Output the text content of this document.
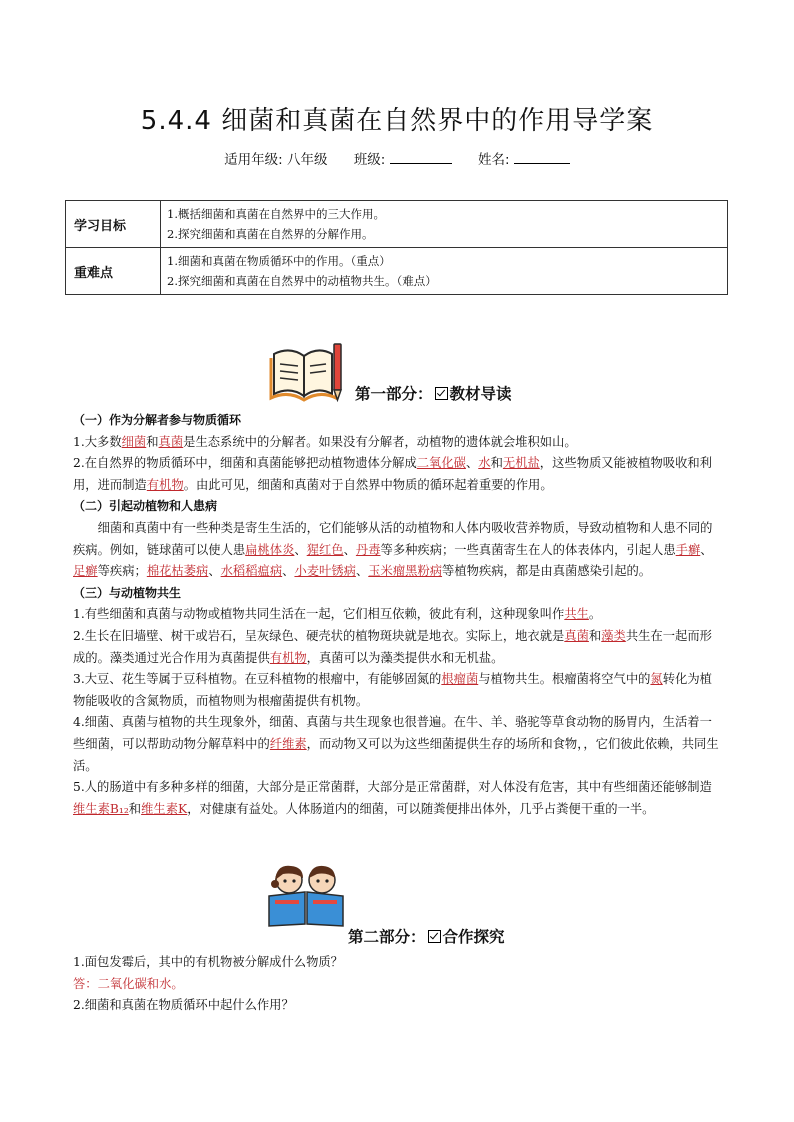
5.4.4 细菌和真菌在自然界中的作用导学案
适用年级: 八年级 班级:	姓名:
学习目标	1.概括细菌和真菌在自然界中的三大作用。
2.探究细菌和真菌在自然界的分解作用。

重难点	1.细菌和真菌在物质循环中的作用。（重点）
2.探究细菌和真菌在自然界中的动植物共生。（难点）
第一部分： 教材导读

（一）作为分解者参与物质循环

1.大多数细菌和真菌是生态系统中的分解者。如果没有分解者，动植物的遗体就会堆积如山。

2.在自然界的物质循环中，细菌和真菌能够把动植物遗体分解成二氧化碳、水和无机盐，这些物质又能被植物吸收和利用，进而制造有机物。由此可见，细菌和真菌对于自然界中物质的循环起着重要的作用。

（二）引起动植物和人患病

细菌和真菌中有一些种类是寄生生活的，它们能够从活的动植物和人体内吸收营养物质，导致动植物和人患不同的疾病。例如，链球菌可以使人患扁桃体炎、猩红色、丹毒等多种疾病；一些真菌寄生在人的体表体内，引起人患手癣、足癣等疾病；棉花枯萎病、水稻稻瘟病、小麦叶锈病、玉米瘤黑粉病等植物疾病，都是由真菌感染引起的。

（三）与动植物共生

1.有些细菌和真菌与动物或植物共同生活在一起，它们相互依赖，彼此有利，这种现象叫作共生。

2.生长在旧墙壁、树干或岩石，呈灰绿色、硬壳状的植物斑块就是地衣。实际上，地衣就是真菌和藻类共生在一起而形成的。藻类通过光合作用为真菌提供有机物，真菌可以为藻类提供水和无机盐。

3.大豆、花生等属于豆科植物。在豆科植物的根瘤中，有能够固氮的根瘤菌与植物共生。根瘤菌将空气中的氮转化为植物能吸收的含氮物质，而植物则为根瘤菌提供有机物。

4.细菌、真菌与植物的共生现象外，细菌、真菌与共生现象也很普遍。在牛、羊、骆驼等草食动物的肠胃内，生活着一些细菌，可以帮助动物分解草料中的纤维素，而动物又可以为这些细菌提供生存的场所和食物，，它们彼此依赖，共同生活。

5.人的肠道中有多种多样的细菌，大部分是正常菌群，大部分是正常菌群，对人体没有危害，其中有些细菌还能够制造维生素B₁₂和维生素K，对健康有益处。人体肠道内的细菌，可以随粪便排出体外，几乎占粪便干重的一半。

第二部分： 合作探究

1.面包发霉后，其中的有机物被分解成什么物质？

答：二氧化碳和水。

2.细菌和真菌在物质循环中起什么作用？
